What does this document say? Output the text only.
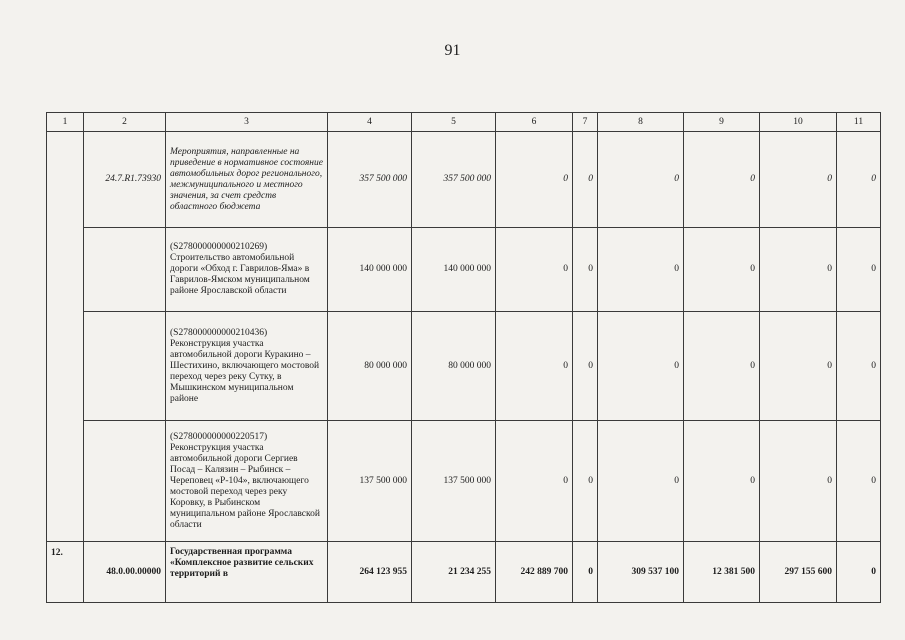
91
1	2	3	4	5	6	7	8	9	10	11
	24.7.R1.73930	Мероприятия, направленные на приведение в нормативное состояние автомобильных дорог регионального, межмуниципального и местного значения, за счет средств областного бюджета	357 500 000	357 500 000	0	0	0	0	0	0
		(S278000000000210269) Строительство автомобильной дороги «Обход г. Гаврилов-Яма» в Гаврилов-Ямском муниципальном районе Ярославской области	140 000 000	140 000 000	0	0	0	0	0	0
		(S278000000000210436) Реконструкция участка автомобильной дороги Куракино – Шестихино, включающего мостовой переход через реку Сутку, в Мышкинском муниципальном районе	80 000 000	80 000 000	0	0	0	0	0	0
		(S278000000000220517) Реконструкция участка автомобильной дороги Сергиев Посад – Калязин – Рыбинск – Череповец «Р-104», включающего мостовой переход через реку Коровку, в Рыбинском муниципальном районе Ярославской области	137 500 000	137 500 000	0	0	0	0	0	0
12.	48.0.00.00000	Государственная программа «Комплексное развитие сельских территорий в	264 123 955	21 234 255	242 889 700	0	309 537 100	12 381 500	297 155 600	0
